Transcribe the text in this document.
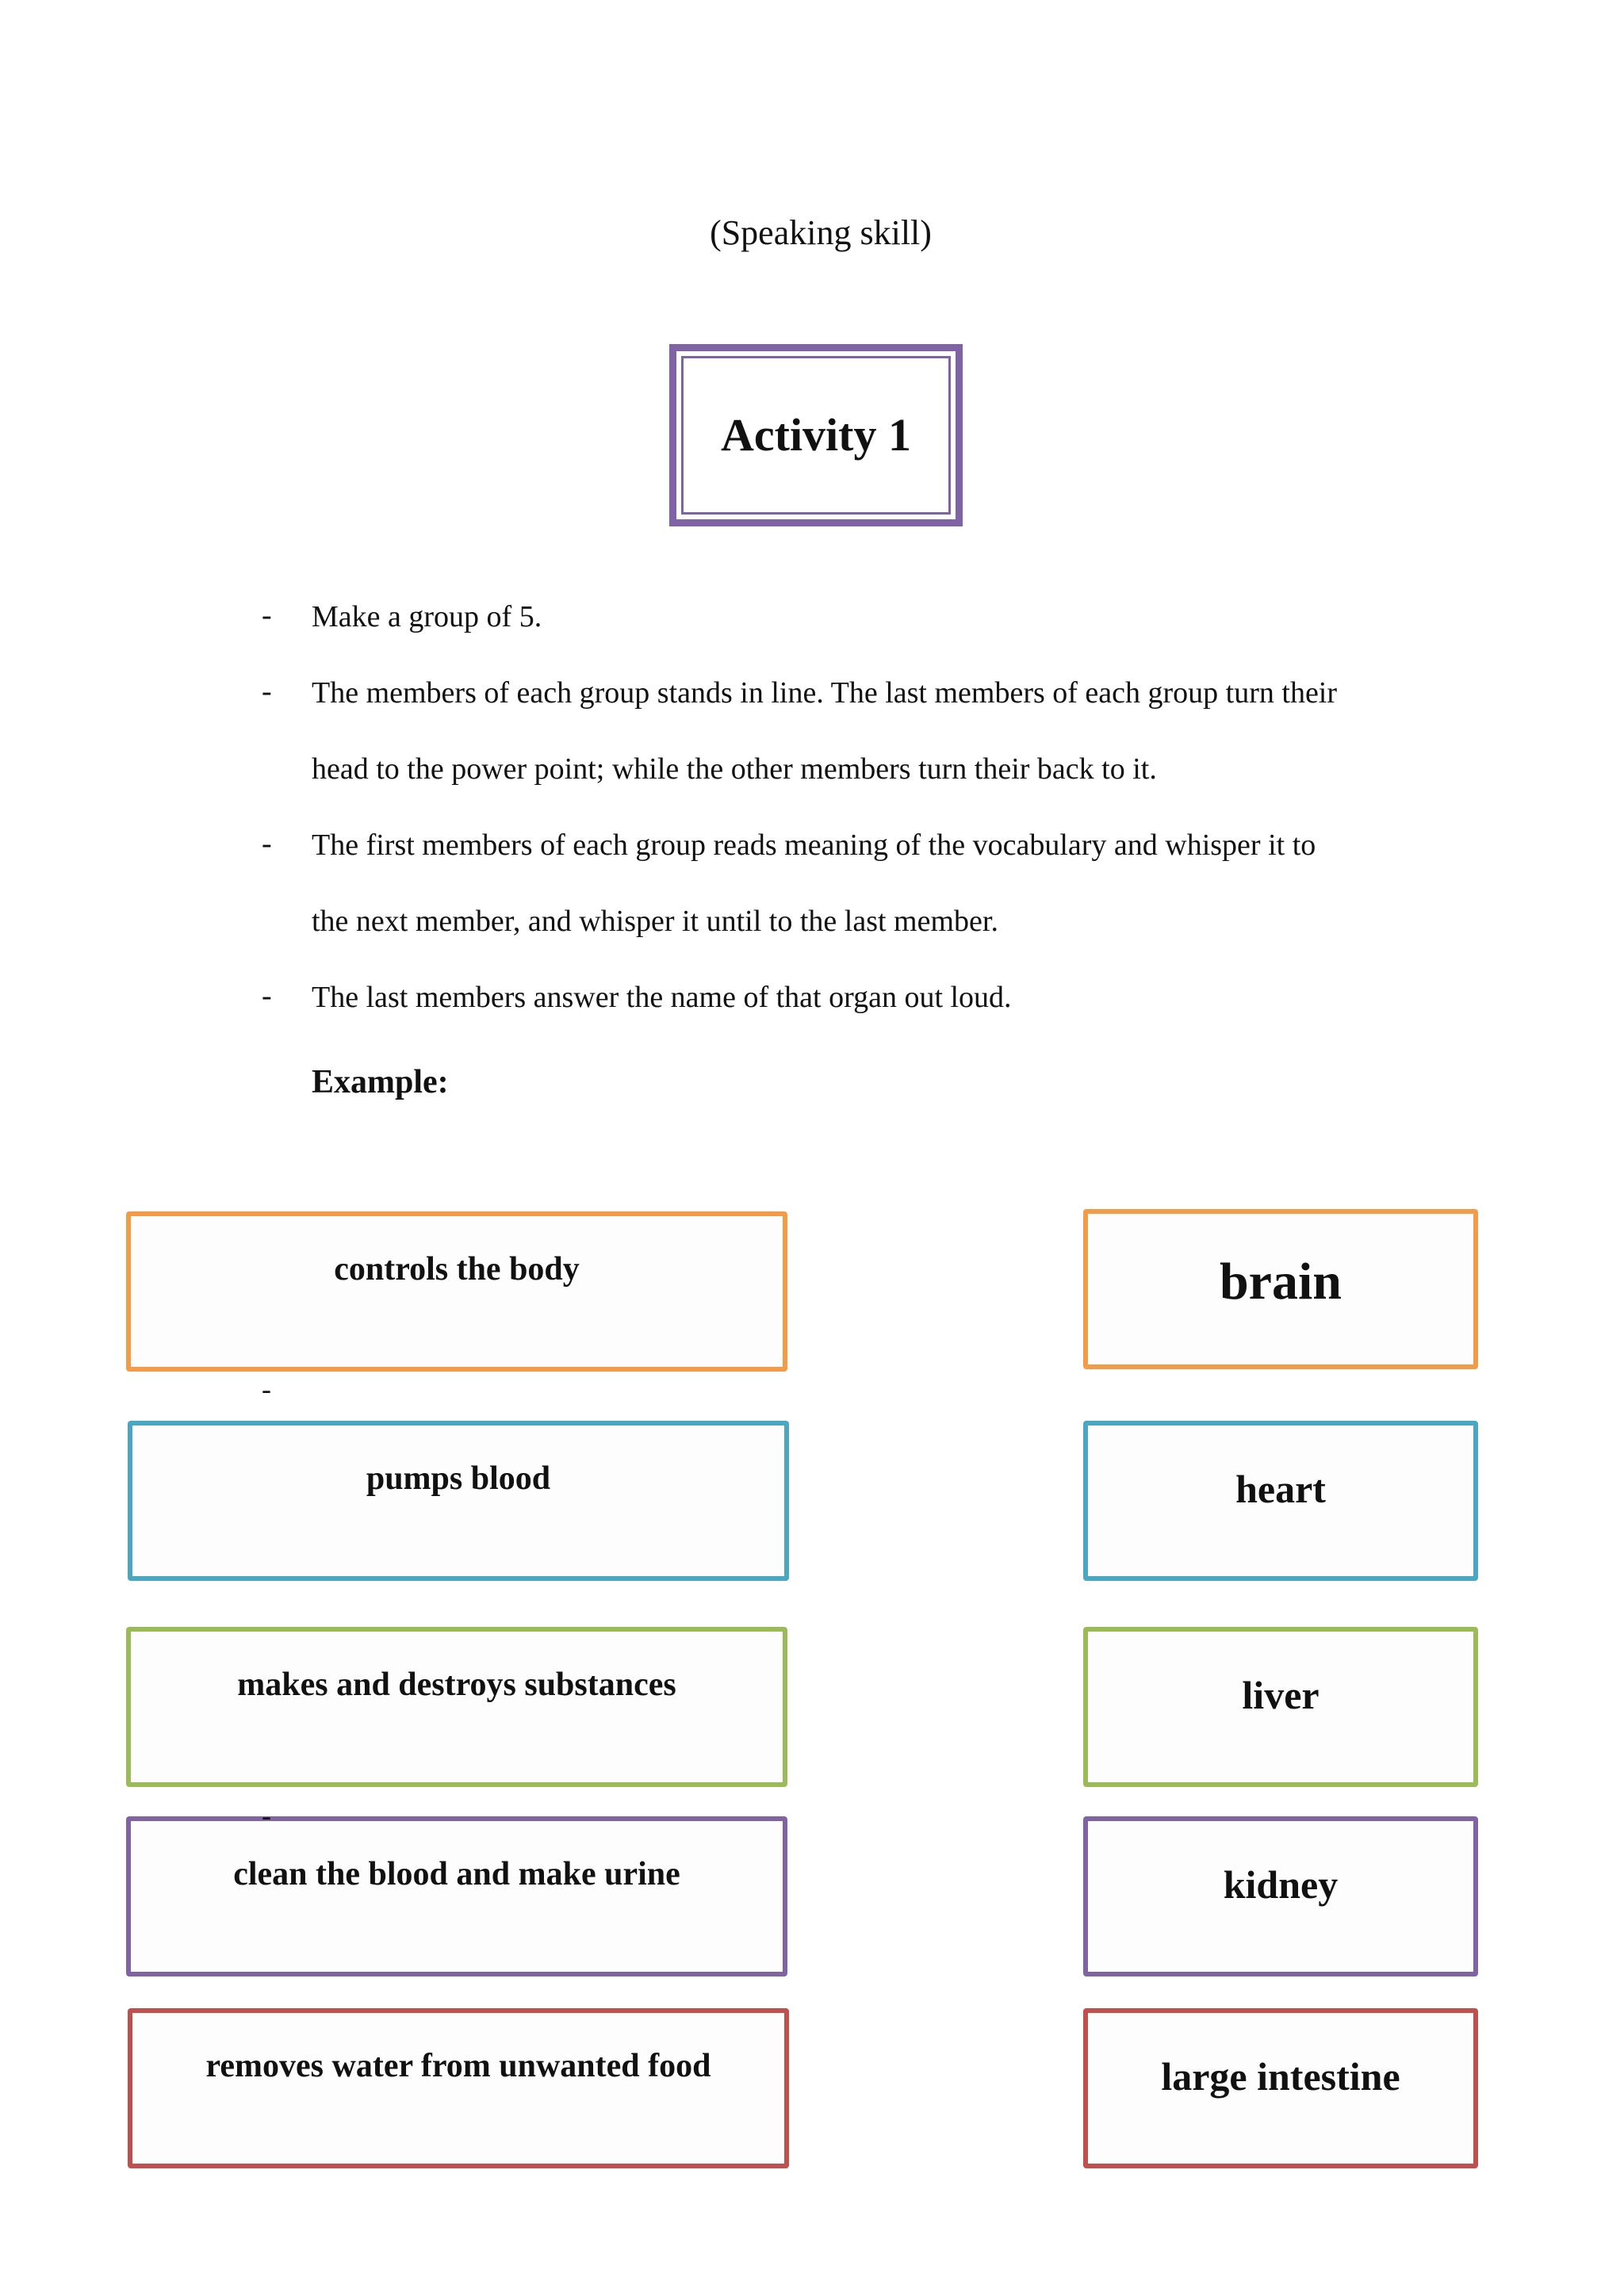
(Speaking skill)
Activity 1
- Make a group of 5.
- The members of each group stands in line. The last members of each group turn their
head to the power point; while the other members turn their back to it.
- The first members of each group reads meaning of the vocabulary and whisper it to
the next member, and whisper it until to the last member.
- The last members answer the name of that organ out loud.
Example:
controls the body
pumps blood
makes and destroys substances
clean the blood and make urine
removes water from unwanted food
brain
heart
liver
kidney
large intestine
-
-
